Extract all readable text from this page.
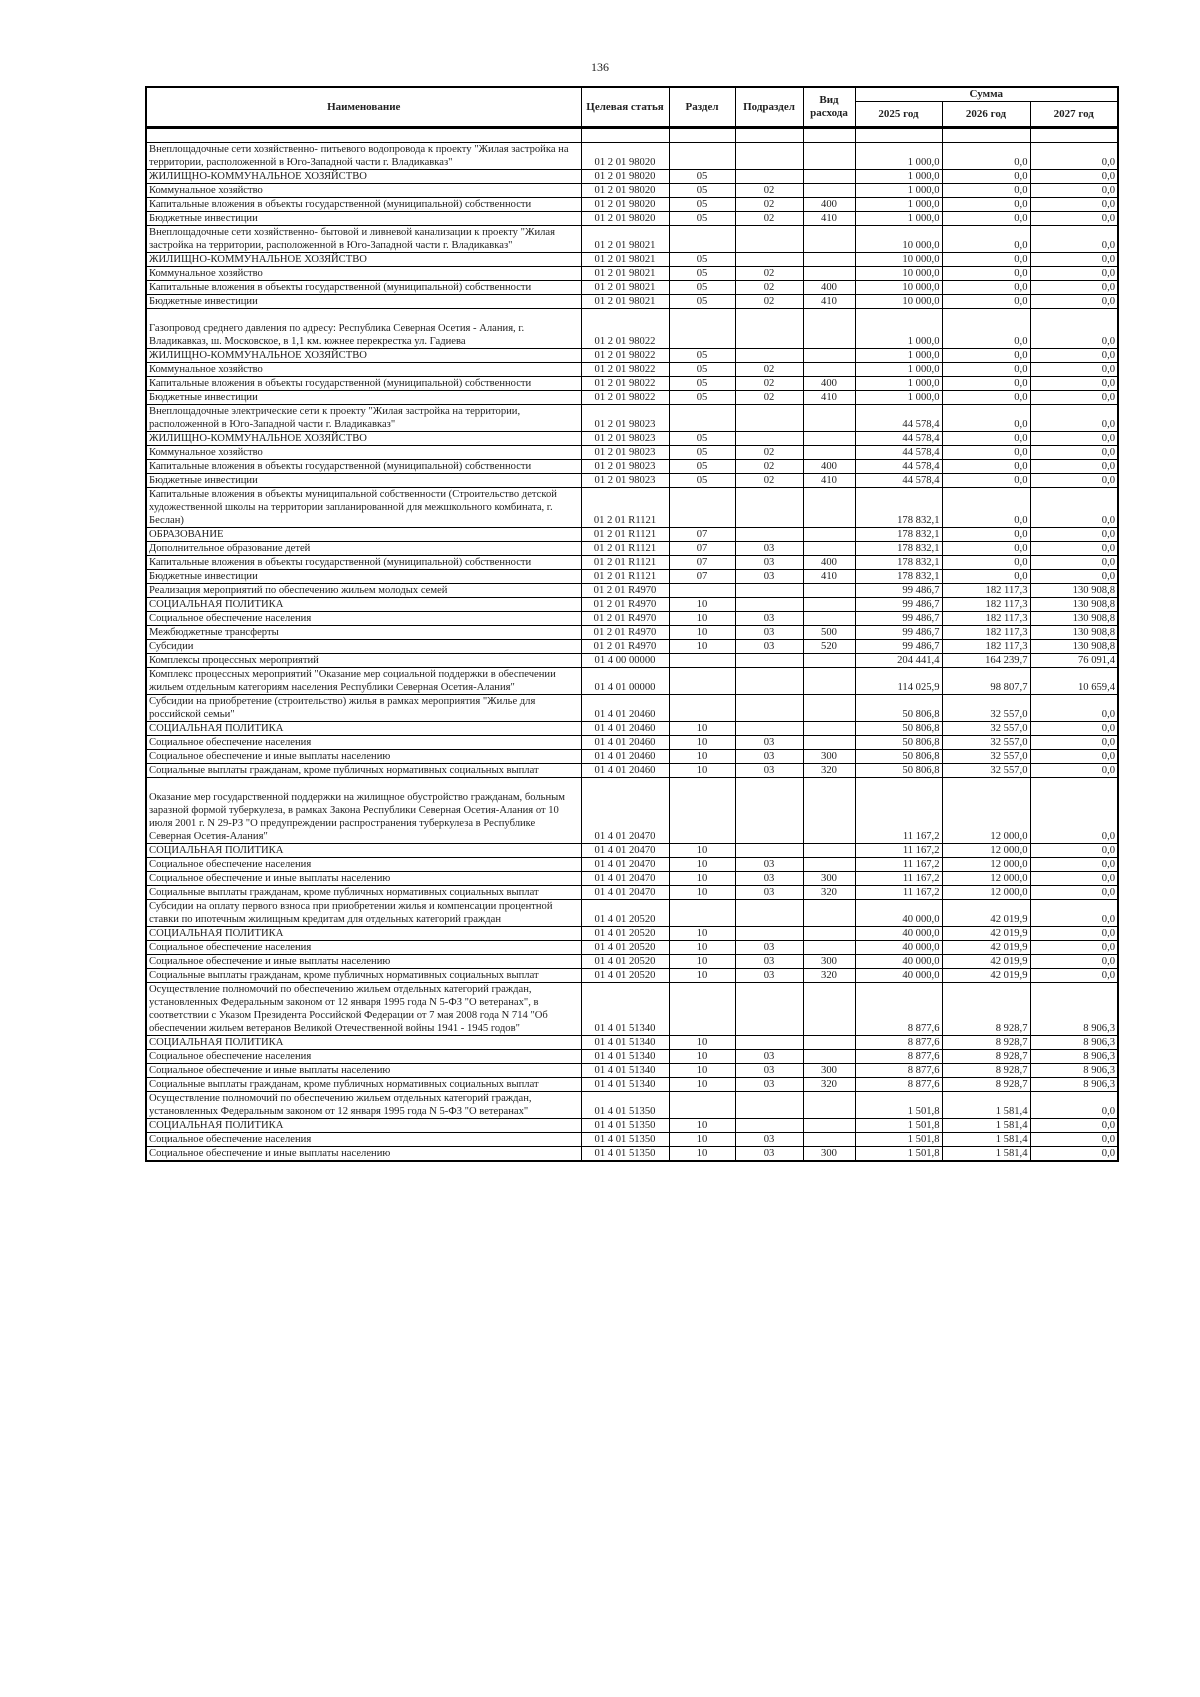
136
Наименование	Целевая статья	Раздел	Подраздел	Вид расхода	Сумма		
					2025 год	2026 год	2027 год

Внеплощадочные сети хозяйственно- питьевого водопровода к проекту "Жилая застройка на территории, расположенной в Юго-Западной части г. Владикавказ"	01 2 01 98020				1 000,0	0,0	0,0
ЖИЛИЩНО-КОММУНАЛЬНОЕ ХОЗЯЙСТВО	01 2 01 98020	05			1 000,0	0,0	0,0
Коммунальное хозяйство	01 2 01 98020	05	02		1 000,0	0,0	0,0
Капитальные вложения в объекты государственной (муниципальной) собственности	01 2 01 98020	05	02	400	1 000,0	0,0	0,0
Бюджетные инвестиции	01 2 01 98020	05	02	410	1 000,0	0,0	0,0
Внеплощадочные сети хозяйственно- бытовой и ливневой канализации к проекту "Жилая застройка на территории, расположенной в Юго-Западной части г. Владикавказ"	01 2 01 98021				10 000,0	0,0	0,0
ЖИЛИЩНО-КОММУНАЛЬНОЕ ХОЗЯЙСТВО	01 2 01 98021	05			10 000,0	0,0	0,0
Коммунальное хозяйство	01 2 01 98021	05	02		10 000,0	0,0	0,0
Капитальные вложения в объекты государственной (муниципальной) собственности	01 2 01 98021	05	02	400	10 000,0	0,0	0,0
Бюджетные инвестиции	01 2 01 98021	05	02	410	10 000,0	0,0	0,0
Газопровод среднего давления по адресу: Республика Северная Осетия - Алания, г. Владикавказ, ш. Московское, в 1,1 км. южнее перекрестка ул. Гадиева	01 2 01 98022				1 000,0	0,0	0,0
ЖИЛИЩНО-КОММУНАЛЬНОЕ ХОЗЯЙСТВО	01 2 01 98022	05			1 000,0	0,0	0,0
Коммунальное хозяйство	01 2 01 98022	05	02		1 000,0	0,0	0,0
Капитальные вложения в объекты государственной (муниципальной) собственности	01 2 01 98022	05	02	400	1 000,0	0,0	0,0
Бюджетные инвестиции	01 2 01 98022	05	02	410	1 000,0	0,0	0,0
Внеплощадочные электрические сети к проекту "Жилая застройка на территории, расположенной в Юго-Западной части г. Владикавказ"	01 2 01 98023				44 578,4	0,0	0,0
ЖИЛИЩНО-КОММУНАЛЬНОЕ ХОЗЯЙСТВО	01 2 01 98023	05			44 578,4	0,0	0,0
Коммунальное хозяйство	01 2 01 98023	05	02		44 578,4	0,0	0,0
Капитальные вложения в объекты государственной (муниципальной) собственности	01 2 01 98023	05	02	400	44 578,4	0,0	0,0
Бюджетные инвестиции	01 2 01 98023	05	02	410	44 578,4	0,0	0,0
Капитальные вложения в объекты муниципальной собственности (Строительство детской художественной школы на территории запланированной для межшкольного комбината, г. Беслан)	01 2 01 R1121				178 832,1	0,0	0,0
ОБРАЗОВАНИЕ	01 2 01 R1121	07			178 832,1	0,0	0,0
Дополнительное образование детей	01 2 01 R1121	07	03		178 832,1	0,0	0,0
Капитальные вложения в объекты государственной (муниципальной) собственности	01 2 01 R1121	07	03	400	178 832,1	0,0	0,0
Бюджетные инвестиции	01 2 01 R1121	07	03	410	178 832,1	0,0	0,0
Реализация мероприятий по обеспечению жильем молодых семей	01 2 01 R4970				99 486,7	182 117,3	130 908,8
СОЦИАЛЬНАЯ ПОЛИТИКА	01 2 01 R4970	10			99 486,7	182 117,3	130 908,8
Социальное обеспечение населения	01 2 01 R4970	10	03		99 486,7	182 117,3	130 908,8
Межбюджетные трансферты	01 2 01 R4970	10	03	500	99 486,7	182 117,3	130 908,8
Субсидии	01 2 01 R4970	10	03	520	99 486,7	182 117,3	130 908,8
Комплексы процессных мероприятий	01 4 00 00000				204 441,4	164 239,7	76 091,4
Комплекс процессных мероприятий "Оказание мер социальной поддержки в обеспечении жильем отдельным категориям населения Республики Северная Осетия-Алания"	01 4 01 00000				114 025,9	98 807,7	10 659,4
Субсидии на приобретение (строительство) жилья в рамках мероприятия "Жилье для российской семьи"	01 4 01 20460				50 806,8	32 557,0	0,0
СОЦИАЛЬНАЯ ПОЛИТИКА	01 4 01 20460	10			50 806,8	32 557,0	0,0
Социальное обеспечение населения	01 4 01 20460	10	03		50 806,8	32 557,0	0,0
Социальное обеспечение и иные выплаты населению	01 4 01 20460	10	03	300	50 806,8	32 557,0	0,0
Социальные выплаты гражданам, кроме публичных нормативных социальных выплат	01 4 01 20460	10	03	320	50 806,8	32 557,0	0,0
Оказание мер государственной поддержки на жилищное обустройство гражданам, больным заразной формой туберкулеза, в рамках Закона Республики Северная Осетия-Алания от 10 июля 2001 г. N 29-РЗ "О предупреждении распространения туберкулеза в Республике Северная Осетия-Алания"	01 4 01 20470				11 167,2	12 000,0	0,0
СОЦИАЛЬНАЯ ПОЛИТИКА	01 4 01 20470	10			11 167,2	12 000,0	0,0
Социальное обеспечение населения	01 4 01 20470	10	03		11 167,2	12 000,0	0,0
Социальное обеспечение и иные выплаты населению	01 4 01 20470	10	03	300	11 167,2	12 000,0	0,0
Социальные выплаты гражданам, кроме публичных нормативных социальных выплат	01 4 01 20470	10	03	320	11 167,2	12 000,0	0,0
Субсидии на оплату первого взноса при приобретении жилья и компенсации процентной ставки по ипотечным жилищным кредитам для отдельных категорий граждан	01 4 01 20520				40 000,0	42 019,9	0,0
СОЦИАЛЬНАЯ ПОЛИТИКА	01 4 01 20520	10			40 000,0	42 019,9	0,0
Социальное обеспечение населения	01 4 01 20520	10	03		40 000,0	42 019,9	0,0
Социальное обеспечение и иные выплаты населению	01 4 01 20520	10	03	300	40 000,0	42 019,9	0,0
Социальные выплаты гражданам, кроме публичных нормативных социальных выплат	01 4 01 20520	10	03	320	40 000,0	42 019,9	0,0
Осуществление полномочий по обеспечению жильем отдельных категорий граждан, установленных Федеральным законом от 12 января 1995 года N 5-ФЗ "О ветеранах", в соответствии с Указом Президента Российской Федерации от 7 мая 2008 года N 714 "Об обеспечении жильем ветеранов Великой Отечественной войны 1941 - 1945 годов"	01 4 01 51340				8 877,6	8 928,7	8 906,3
СОЦИАЛЬНАЯ ПОЛИТИКА	01 4 01 51340	10			8 877,6	8 928,7	8 906,3
Социальное обеспечение населения	01 4 01 51340	10	03		8 877,6	8 928,7	8 906,3
Социальное обеспечение и иные выплаты населению	01 4 01 51340	10	03	300	8 877,6	8 928,7	8 906,3
Социальные выплаты гражданам, кроме публичных нормативных социальных выплат	01 4 01 51340	10	03	320	8 877,6	8 928,7	8 906,3
Осуществление полномочий по обеспечению жильем отдельных категорий граждан, установленных Федеральным законом от 12 января 1995 года N 5-ФЗ "О ветеранах"	01 4 01 51350				1 501,8	1 581,4	0,0
СОЦИАЛЬНАЯ ПОЛИТИКА	01 4 01 51350	10			1 501,8	1 581,4	0,0
Социальное обеспечение населения	01 4 01 51350	10	03		1 501,8	1 581,4	0,0
Социальное обеспечение и иные выплаты населению	01 4 01 51350	10	03	300	1 501,8	1 581,4	0,0
